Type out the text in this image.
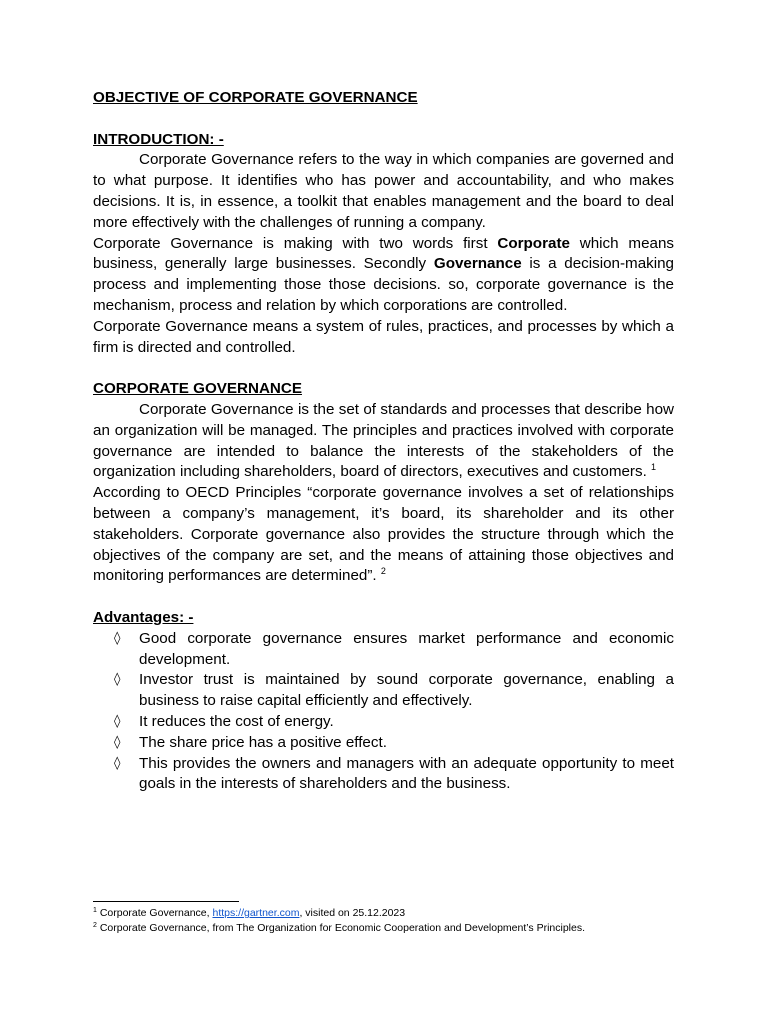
OBJECTIVE OF CORPORATE GOVERNANCE

INTRODUCTION: -

Corporate Governance refers to the way in which companies are governed and to what purpose. It identifies who has power and accountability, and who makes decisions. It is, in essence, a toolkit that enables management and the board to deal more effectively with the challenges of running a company.

Corporate Governance is making with two words first Corporate which means business, generally large businesses. Secondly Governance is a decision-making process and implementing those those decisions. so, corporate governance is the mechanism, process and relation by which corporations are controlled.

Corporate Governance means a system of rules, practices, and processes by which a firm is directed and controlled.

CORPORATE GOVERNANCE

Corporate Governance is the set of standards and processes that describe how an organization will be managed. The principles and practices involved with corporate governance are intended to balance the interests of the stakeholders of the organization including shareholders, board of directors, executives and customers. $^1$

According to OECD Principles “corporate governance involves a set of relationships between a company’s management, it’s board, its shareholder and its other stakeholders. Corporate governance also provides the structure through which the objectives of the company are set, and the means of attaining those objectives and monitoring performances are determined”. $^2$

Advantages: -

◊ Good corporate governance ensures market performance and economic development.
◊ Investor trust is maintained by sound corporate governance, enabling a business to raise capital efficiently and effectively.
◊ It reduces the cost of energy.
◊ The share price has a positive effect.
◊ This provides the owners and managers with an adequate opportunity to meet goals in the interests of shareholders and the business.
$^1$ Corporate Governance, https://gartner.com, visited on 25.12.2023
$^2$ Corporate Governance, from The Organization for Economic Cooperation and Development’s Principles.
